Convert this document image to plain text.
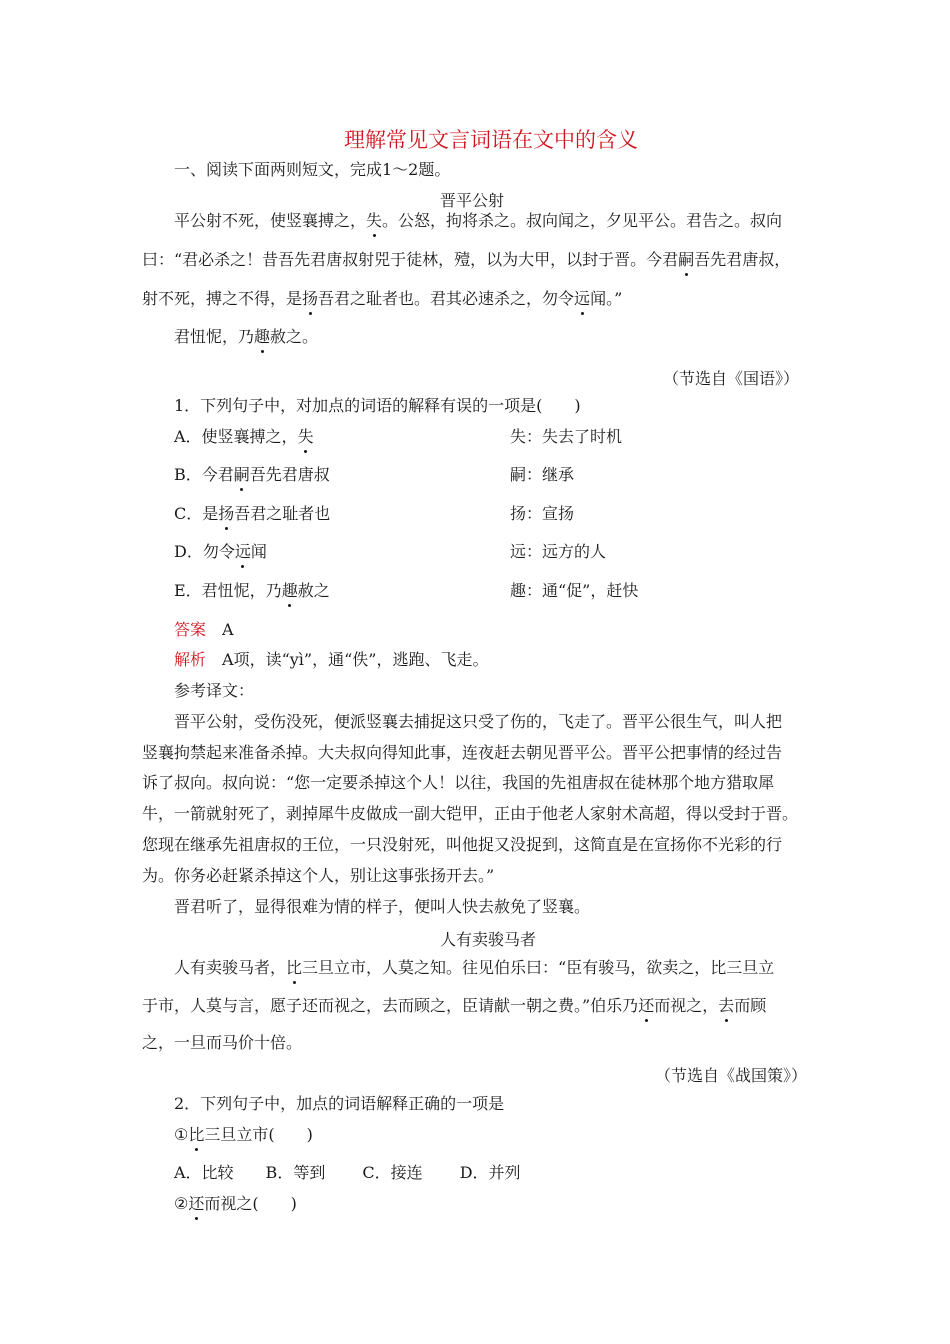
理解常见文言词语在文中的含义
一、阅读下面两则短文，完成1～2题。
晋平公射
平公射不死，使竖襄搏之，失。公怒，拘将杀之。叔向闻之，夕见平公。君告之。叔向
曰：“君必杀之！昔吾先君唐叔射兕于徒林，殪，以为大甲，以封于晋。今君嗣吾先君唐叔，
射不死，搏之不得，是扬吾君之耻者也。君其必速杀之，勿令远闻。”
君忸怩，乃趣赦之。
（节选自《国语》）
1．下列句子中，对加点的词语的解释有误的一项是(　　)
A．使竖襄搏之，失	失：失去了时机
B．今君嗣吾先君唐叔	嗣：继承
C．是扬吾君之耻者也	扬：宣扬
D．勿令远闻	远：远方的人
E．君忸怩，乃趣赦之	趣：通“促”，赶快
答案　A
解析　A项，读“yì”，通“佚”，逃跑、飞走。
参考译文：
晋平公射，受伤没死，便派竖襄去捕捉这只受了伤的，飞走了。晋平公很生气，叫人把
竖襄拘禁起来准备杀掉。大夫叔向得知此事，连夜赶去朝见晋平公。晋平公把事情的经过告
诉了叔向。叔向说：“您一定要杀掉这个人！以往，我国的先祖唐叔在徒林那个地方猎取犀
牛，一箭就射死了，剥掉犀牛皮做成一副大铠甲，正由于他老人家射术高超，得以受封于晋。
您现在继承先祖唐叔的王位，一只没射死，叫他捉又没捉到，这简直是在宣扬你不光彩的行
为。你务必赶紧杀掉这个人，别让这事张扬开去。”
晋君听了，显得很难为情的样子，便叫人快去赦免了竖襄。
人有卖骏马者
人有卖骏马者，比三旦立市，人莫之知。往见伯乐曰：“臣有骏马，欲卖之，比三旦立
于市，人莫与言，愿子还而视之，去而顾之，臣请献一朝之费。”伯乐乃还而视之，去而顾
之，一旦而马价十倍。
（节选自《战国策》）
2．下列句子中，加点的词语解释正确的一项是
①比三旦立市(　　)
A．比较　　B．等到　　 C．接连　　 D．并列
②还而视之(　　)
